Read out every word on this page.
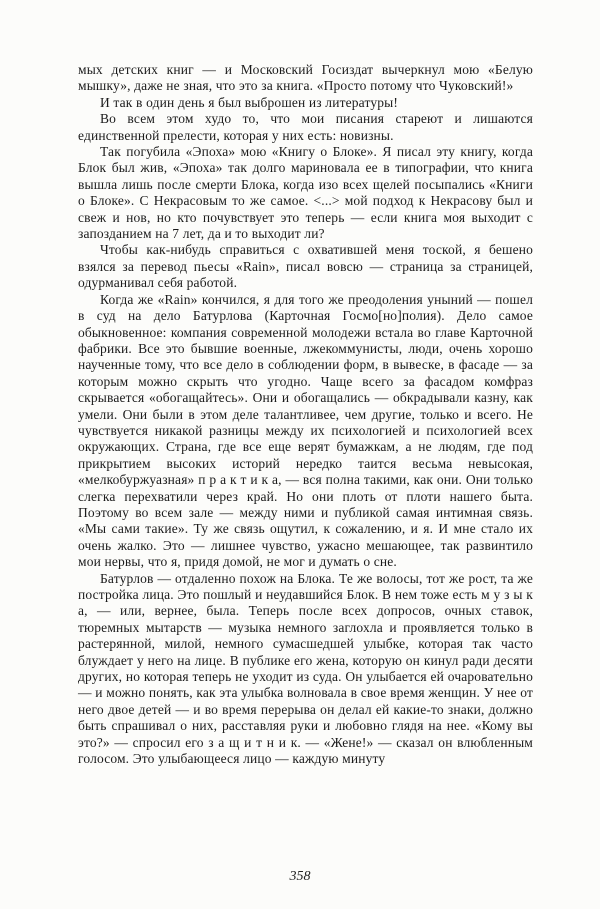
мых детских книг — и Московский Госиздат вычеркнул мою «Белую мышку», даже не зная, что это за книга. «Просто потому что Чуковский!»

И так в один день я был выброшен из литературы!

Во всем этом худо то, что мои писания стареют и лишаются единственной прелести, которая у них есть: новизны.

Так погубила «Эпоха» мою «Книгу о Блоке». Я писал эту книгу, когда Блок был жив, «Эпоха» так долго мариновала ее в типографии, что книга вышла лишь после смерти Блока, когда изо всех щелей посыпались «Книги о Блоке». С Некрасовым то же самое. <...> мой подход к Некрасову был и свеж и нов, но кто почувствует это теперь — если книга моя выходит с запозданием на 7 лет, да и то выходит ли?

Чтобы как-нибудь справиться с охватившей меня тоской, я бешено взялся за перевод пьесы «Rain», писал вовсю — страница за страницей, одурманивал себя работой.

Когда же «Rain» кончился, я для того же преодоления уныний — пошел в суд на дело Батурлова (Карточная Госмо[но]полия). Дело самое обыкновенное: компания современной молодежи встала во главе Карточной фабрики. Все это бывшие военные, лжекоммунисты, люди, очень хорошо наученные тому, что все дело в соблюдении форм, в вывеске, в фасаде — за которым можно скрыть что угодно. Чаще всего за фасадом комфраз скрывается «обогащайтесь». Они и обогащались — обкрадывали казну, как умели. Они были в этом деле талантливее, чем другие, только и всего. Не чувствуется никакой разницы между их психологией и психологией всех окружающих. Страна, где все еще верят бумажкам, а не людям, где под прикрытием высоких историй нередко таится весьма невысокая, «мелкобуржуазная» п р а к т и к а, — вся полна такими, как они. Они только слегка перехватили через край. Но они плоть от плоти нашего быта. Поэтому во всем зале — между ними и публикой самая интимная связь. «Мы сами такие». Ту же связь ощутил, к сожалению, и я. И мне стало их очень жалко. Это — лишнее чувство, ужасно мешающее, так развинтило мои нервы, что я, придя домой, не мог и думать о сне.

Батурлов — отдаленно похож на Блока. Те же волосы, тот же рост, та же постройка лица. Это пошлый и неудавшийся Блок. В нем тоже есть м у з ы к а, — или, вернее, была. Теперь после всех допросов, очных ставок, тюремных мытарств — музыка немного заглохла и проявляется только в растерянной, милой, немного сумасшедшей улыбке, которая так часто блуждает у него на лице. В публике его жена, которую он кинул ради десяти других, но которая теперь не уходит из суда. Он улыбается ей очаровательно — и можно понять, как эта улыбка волновала в свое время женщин. У нее от него двое детей — и во время перерыва он делал ей какие-то знаки, должно быть спрашивал о них, расставляя руки и любовно глядя на нее. «Кому вы это?» — спросил его з а щ и т н и к. — «Жене!» — сказал он влюбленным голосом. Это улыбающееся лицо — каждую минуту

358
